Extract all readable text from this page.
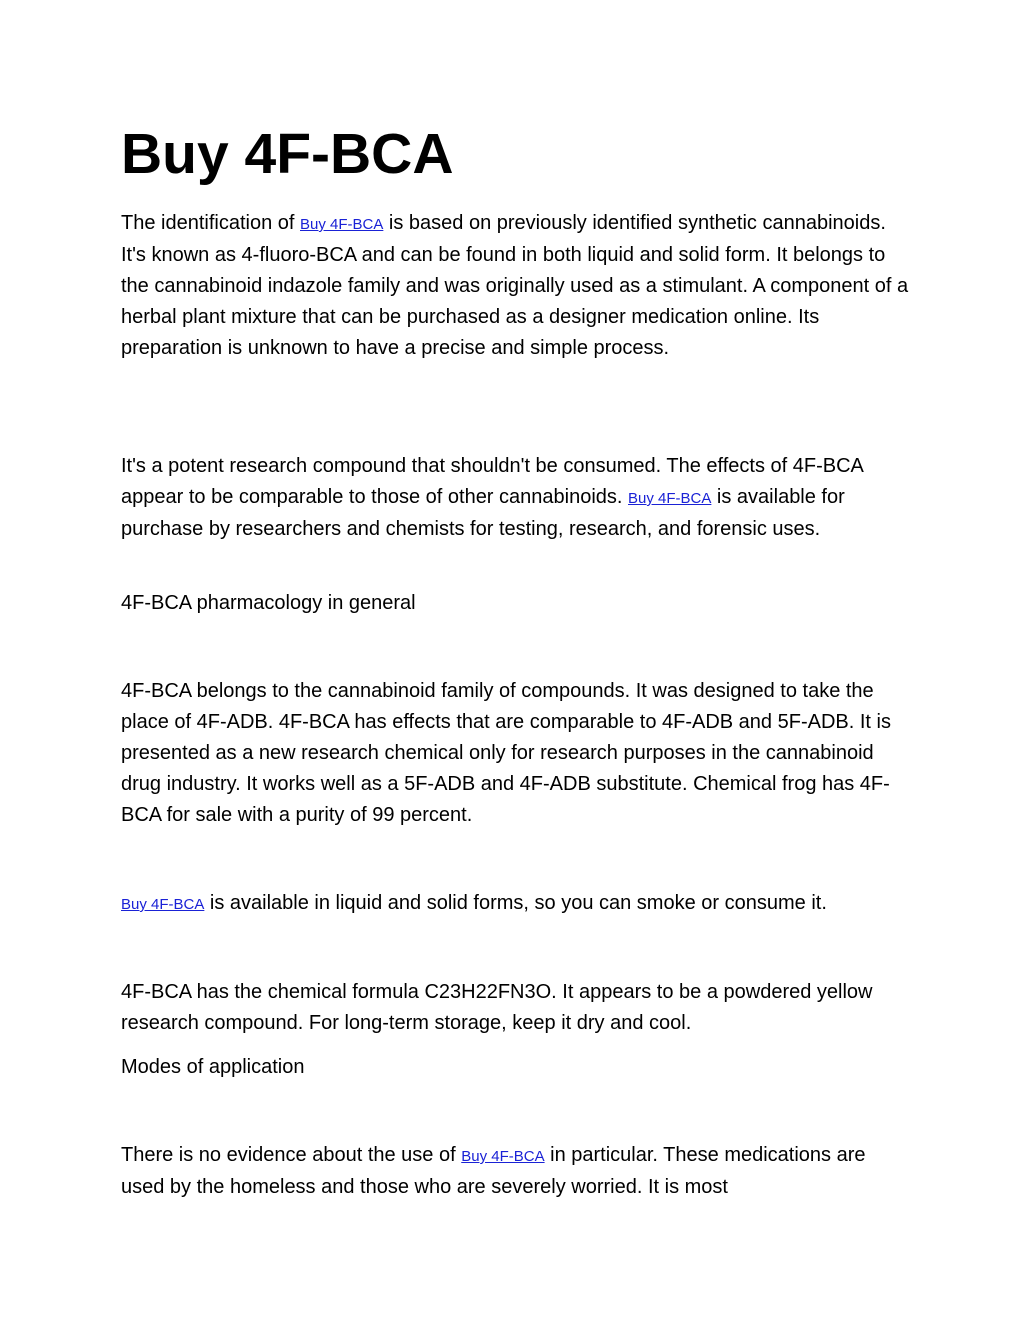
Buy 4F-BCA

The identification of Buy 4F-BCA is based on previously identified synthetic cannabinoids. It's known as 4-fluoro-BCA and can be found in both liquid and solid form. It belongs to the cannabinoid indazole family and was originally used as a stimulant. A component of a herbal plant mixture that can be purchased as a designer medication online. Its preparation is unknown to have a precise and simple process.

It's a potent research compound that shouldn't be consumed. The effects of 4F-BCA appear to be comparable to those of other cannabinoids. Buy 4F-BCA is available for purchase by researchers and chemists for testing, research, and forensic uses.

4F-BCA pharmacology in general

4F-BCA belongs to the cannabinoid family of compounds. It was designed to take the place of 4F-ADB. 4F-BCA has effects that are comparable to 4F-ADB and 5F-ADB. It is presented as a new research chemical only for research purposes in the cannabinoid drug industry. It works well as a 5F-ADB and 4F-ADB substitute. Chemical frog has 4F-BCA for sale with a purity of 99 percent.

Buy 4F-BCA is available in liquid and solid forms, so you can smoke or consume it.

4F-BCA has the chemical formula C23H22FN3O. It appears to be a powdered yellow research compound. For long-term storage, keep it dry and cool.

Modes of application

There is no evidence about the use of Buy 4F-BCA in particular. These medications are used by the homeless and those who are severely worried. It is most
